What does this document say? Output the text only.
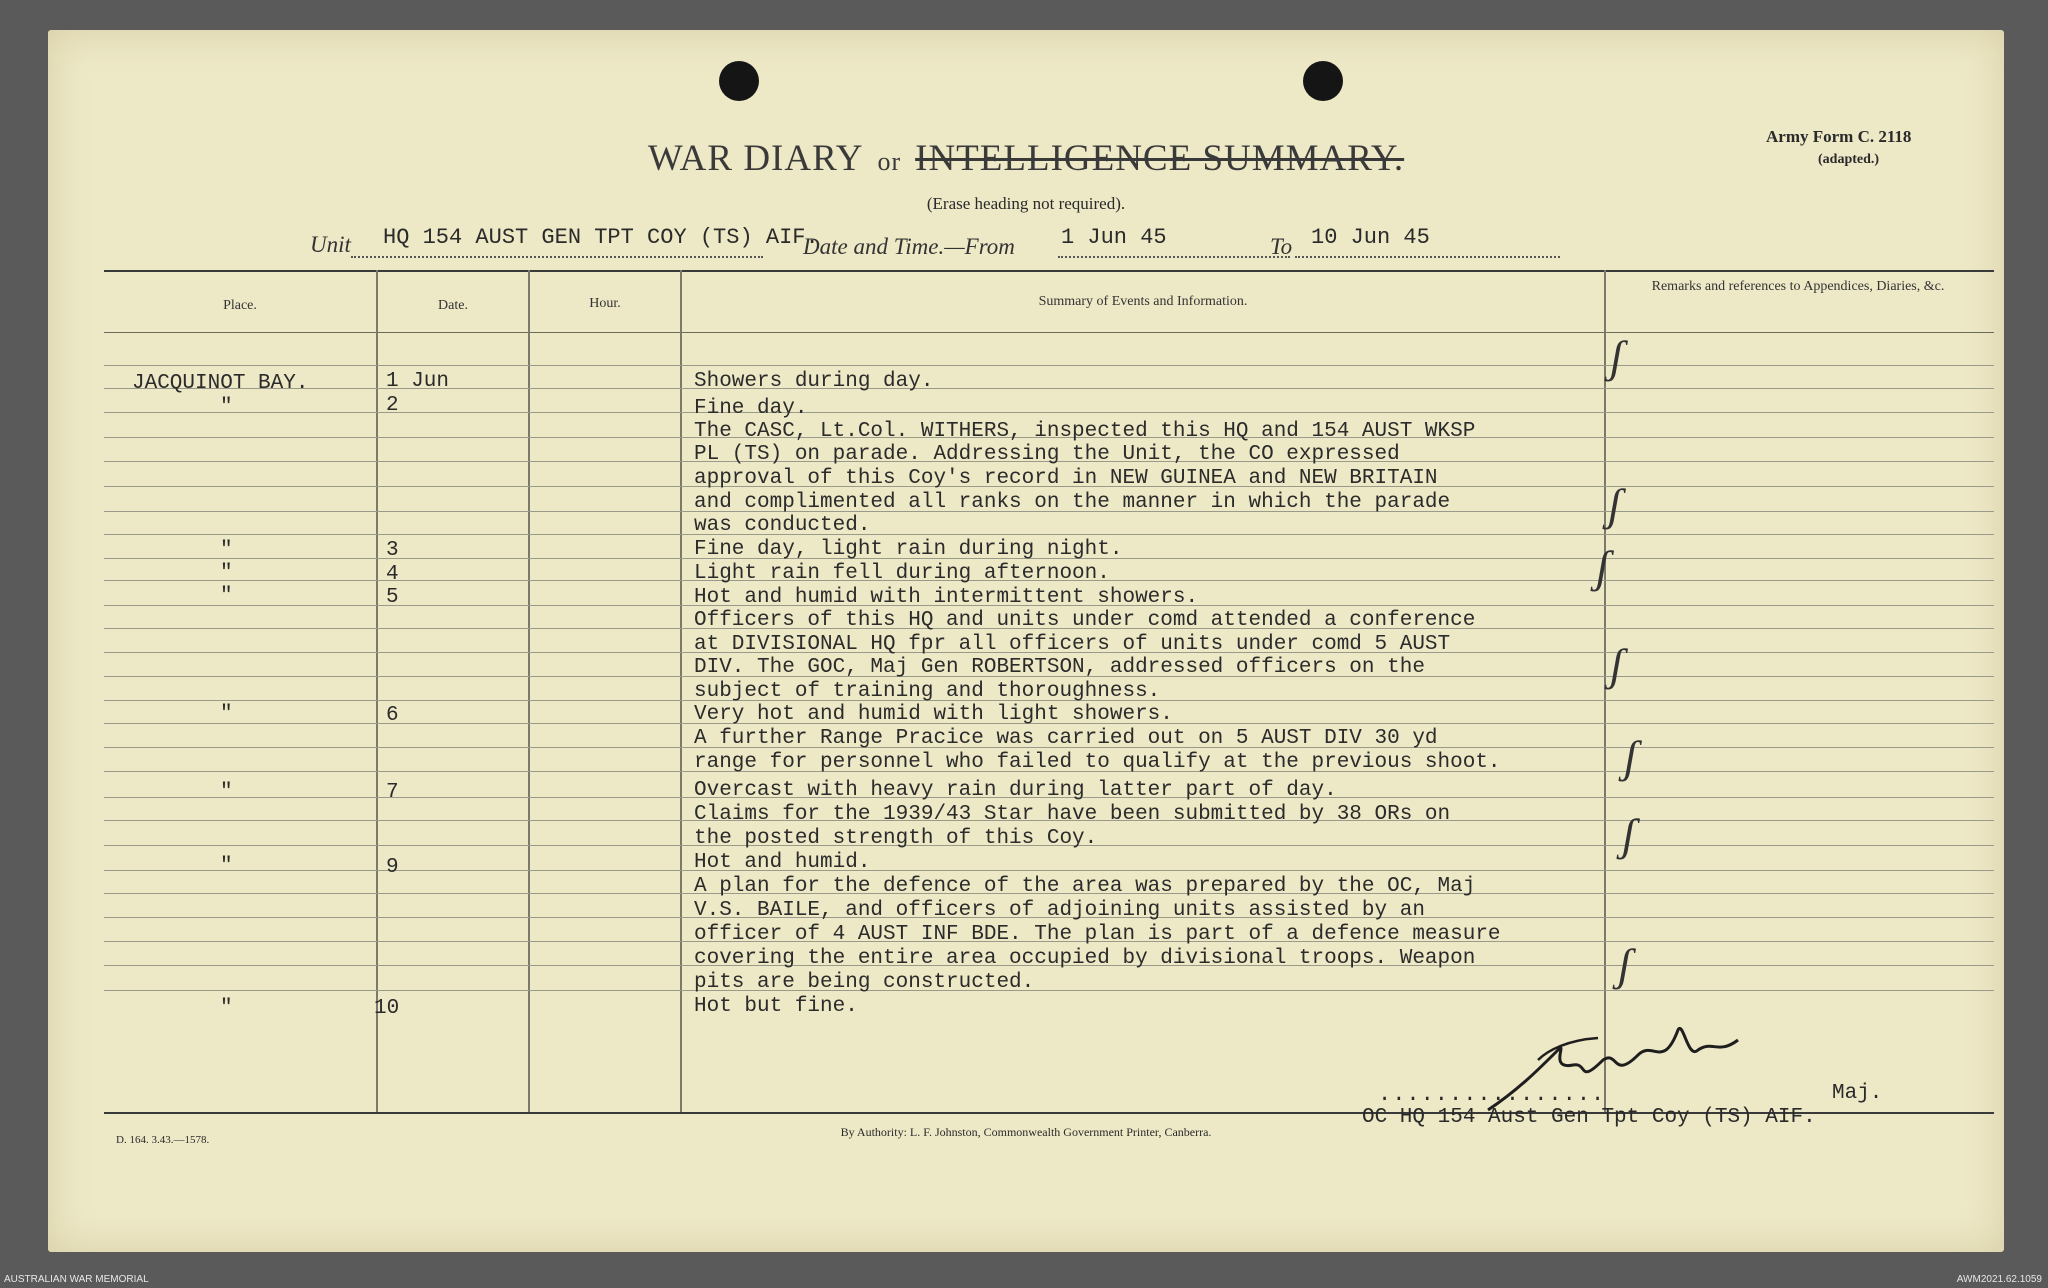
WAR DIARY or INTELLIGENCE SUMMARY.
Army Form C. 2118
(adapted.)
(Erase heading not required).
Unit HQ 154 AUST GEN TPT COY (TS) AIF.
Date and Time.—From 1 Jun 45	To 10 Jun 45
Place.	Date.	Hour.	Summary of Events and Information.
Remarks and references to Appendices, Diaries, &c.
JACQUINOT BAY.	1 Jun	Showers during day.
"	2	Fine day.
The CASC, Lt.Col. WITHERS, inspected this HQ and 154 AUST WKSP
PL (TS) on parade. Addressing the Unit, the CO expressed
approval of this Coy's record in NEW GUINEA and NEW BRITAIN
and complimented all ranks on the manner in which the parade
was conducted.
"	3	Fine day, light rain during night.
"	4	Light rain fell during afternoon.
"	5	Hot and humid with intermittent showers.
Officers of this HQ and units under comd attended a conference
at DIVISIONAL HQ fpr all officers of units under comd 5 AUST
DIV. The GOC, Maj Gen ROBERTSON, addressed officers on the
subject of training and thoroughness.
"	6	Very hot and humid with light showers.
A further Range Pracice was carried out on 5 AUST DIV 30 yd
range for personnel who failed to qualify at the previous shoot.
"	7	Overcast with heavy rain during latter part of day.
Claims for the 1939/43 Star have been submitted by 38 ORs on
the posted strength of this Coy.
"	9	Hot and humid.
A plan for the defence of the area was prepared by the OC, Maj
V.S. BAILE, and officers of adjoining units assisted by an
officer of 4 AUST INF BDE. The plan is part of a defence measure
covering the entire area occupied by divisional troops. Weapon
pits are being constructed.
"	10	Hot but fine.
ʃ
ʃ
ʃ
ʃ
ʃ
ʃ
ʃ
................	Maj.
OC HQ 154 Aust Gen Tpt Coy (TS) AIF.
D. 164. 3.43.—1578.
By Authority: L. F. Johnston, Commonwealth Government Printer, Canberra.
AUSTRALIAN WAR MEMORIAL	AWM2021.62.1059
